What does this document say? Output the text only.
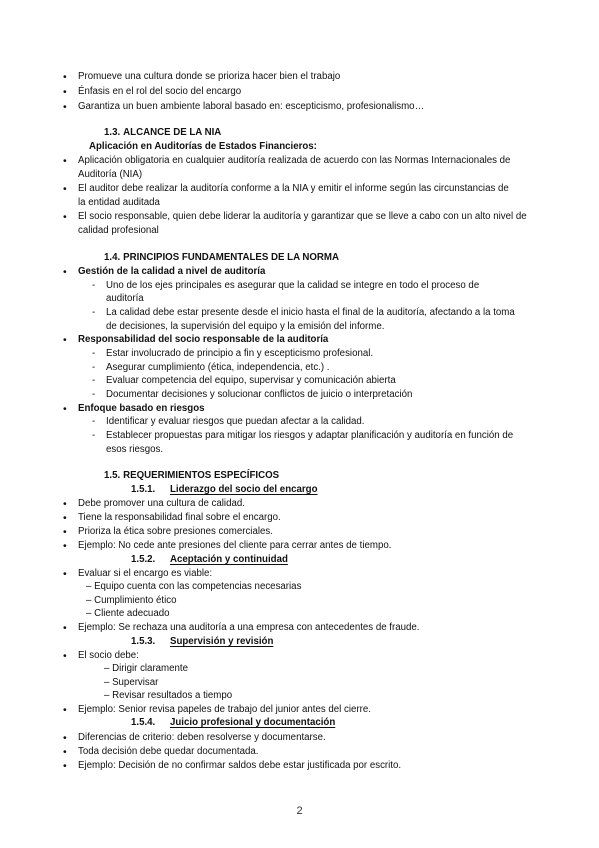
•
Promueve una cultura donde se prioriza hacer bien el trabajo
•
Énfasis en el rol del socio del encargo
•
Garantiza un buen ambiente laboral basado en: escepticismo, profesionalismo…
1.3. ALCANCE DE LA NIA
Aplicación en Auditorías de Estados Financieros:
•
Aplicación obligatoria en cualquier auditoría realizada de acuerdo con las Normas Internacionales de
Auditoría (NIA)
•
El auditor debe realizar la auditoría conforme a la NIA y emitir el informe según las circunstancias de
la entidad auditada
•
El socio responsable, quien debe liderar la auditoría y garantizar que se lleve a cabo con un alto nivel de
calidad profesional
1.4. PRINCIPIOS FUNDAMENTALES DE LA NORMA
•
Gestión de la calidad a nivel de auditoría
-
Uno de los ejes principales es asegurar que la calidad se integre en todo el proceso de
auditoría
-
La calidad debe estar presente desde el inicio hasta el final de la auditoría, afectando a la toma
de decisiones, la supervisión del equipo y la emisión del informe.
•
Responsabilidad del socio responsable de la auditoría
-
Estar involucrado de principio a fin y escepticismo profesional.
-
Asegurar cumplimiento (ética, independencia, etc.) .
-
Evaluar competencia del equipo, supervisar y comunicación abierta
-
Documentar decisiones y solucionar conflictos de juicio o interpretación
•
Enfoque basado en riesgos
-
Identificar y evaluar riesgos que puedan afectar a la calidad.
-
Establecer propuestas para mitigar los riesgos y adaptar planificación y auditoría en función de
esos riesgos.
1.5. REQUERIMIENTOS ESPECÍFICOS
1.5.1. Liderazgo del socio del encargo
•
Debe promover una cultura de calidad.
•
Tiene la responsabilidad final sobre el encargo.
•
Prioriza la ética sobre presiones comerciales.
•
Ejemplo: No cede ante presiones del cliente para cerrar antes de tiempo.
1.5.2. Aceptación y continuidad
•
Evaluar si el encargo es viable:
– Equipo cuenta con las competencias necesarias
– Cumplimiento ético
– Cliente adecuado
•
Ejemplo: Se rechaza una auditoría a una empresa con antecedentes de fraude.
1.5.3. Supervisión y revisión
•
El socio debe:
– Dirigir claramente
– Supervisar
– Revisar resultados a tiempo
•
Ejemplo: Senior revisa papeles de trabajo del junior antes del cierre.
1.5.4. Juicio profesional y documentación
•
Diferencias de criterio: deben resolverse y documentarse.
•
Toda decisión debe quedar documentada.
•
Ejemplo: Decisión de no confirmar saldos debe estar justificada por escrito.
2
